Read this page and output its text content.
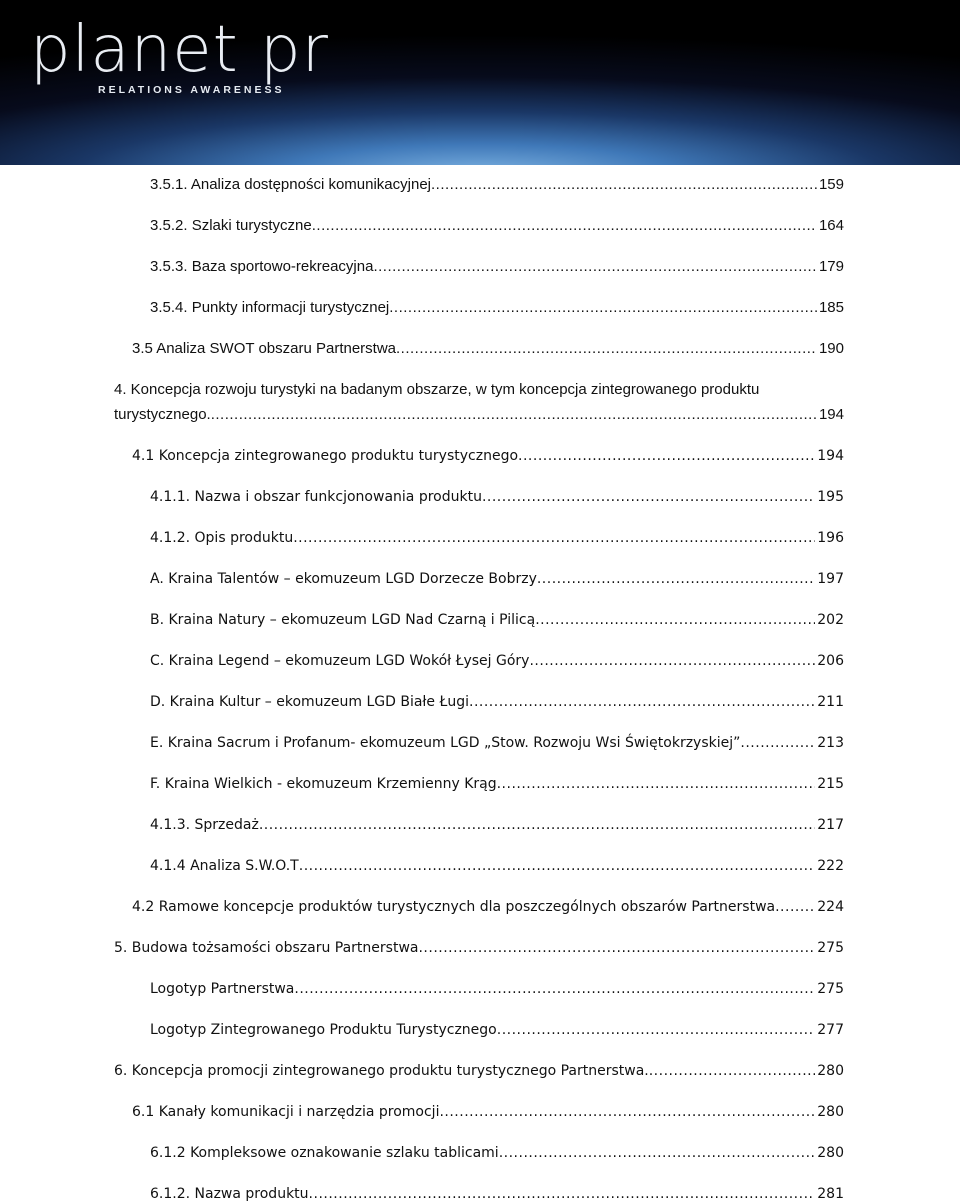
planet pr
RELATIONS AWARENESS
3.5.1. Analiza dostępności komunikacyjnej .....	159
3.5.2. Szlaki turystyczne .....	164
3.5.3. Baza sportowo-rekreacyjna .....	179
3.5.4. Punkty informacji turystycznej .....	185
3.5 Analiza SWOT obszaru Partnerstwa .....	190
4. Koncepcja rozwoju turystyki na badanym obszarze, w tym koncepcja zintegrowanego produktu
turystycznego. .....	194
4.1 Koncepcja zintegrowanego produktu turystycznego .....	194
4.1.1. Nazwa i obszar funkcjonowania produktu .....	195
4.1.2. Opis produktu .....	196
A. Kraina Talentów – ekomuzeum LGD Dorzecze Bobrzy .....	197
B. Kraina Natury – ekomuzeum LGD Nad Czarną i Pilicą .....	202
C. Kraina Legend – ekomuzeum LGD Wokół Łysej Góry .....	206
D. Kraina Kultur – ekomuzeum LGD Białe Ługi .....	211
E. Kraina Sacrum i Profanum- ekomuzeum LGD „Stow. Rozwoju Wsi Świętokrzyskiej” .....	213
F. Kraina Wielkich - ekomuzeum Krzemienny Krąg .....	215
4.1.3. Sprzedaż .....	217
4.1.4 Analiza S.W.O.T .....	222
4.2 Ramowe koncepcje produktów turystycznych dla poszczególnych obszarów Partnerstwa .....	224
5. Budowa tożsamości obszaru Partnerstwa .....	275
Logotyp Partnerstwa .....	275
Logotyp Zintegrowanego Produktu Turystycznego .....	277
6. Koncepcja promocji zintegrowanego produktu turystycznego Partnerstwa. .....	280
6.1 Kanały komunikacji i narzędzia promocji .....	280
6.1.2 Kompleksowe oznakowanie szlaku tablicami .....	280
6.1.2. Nazwa produktu .....	281
